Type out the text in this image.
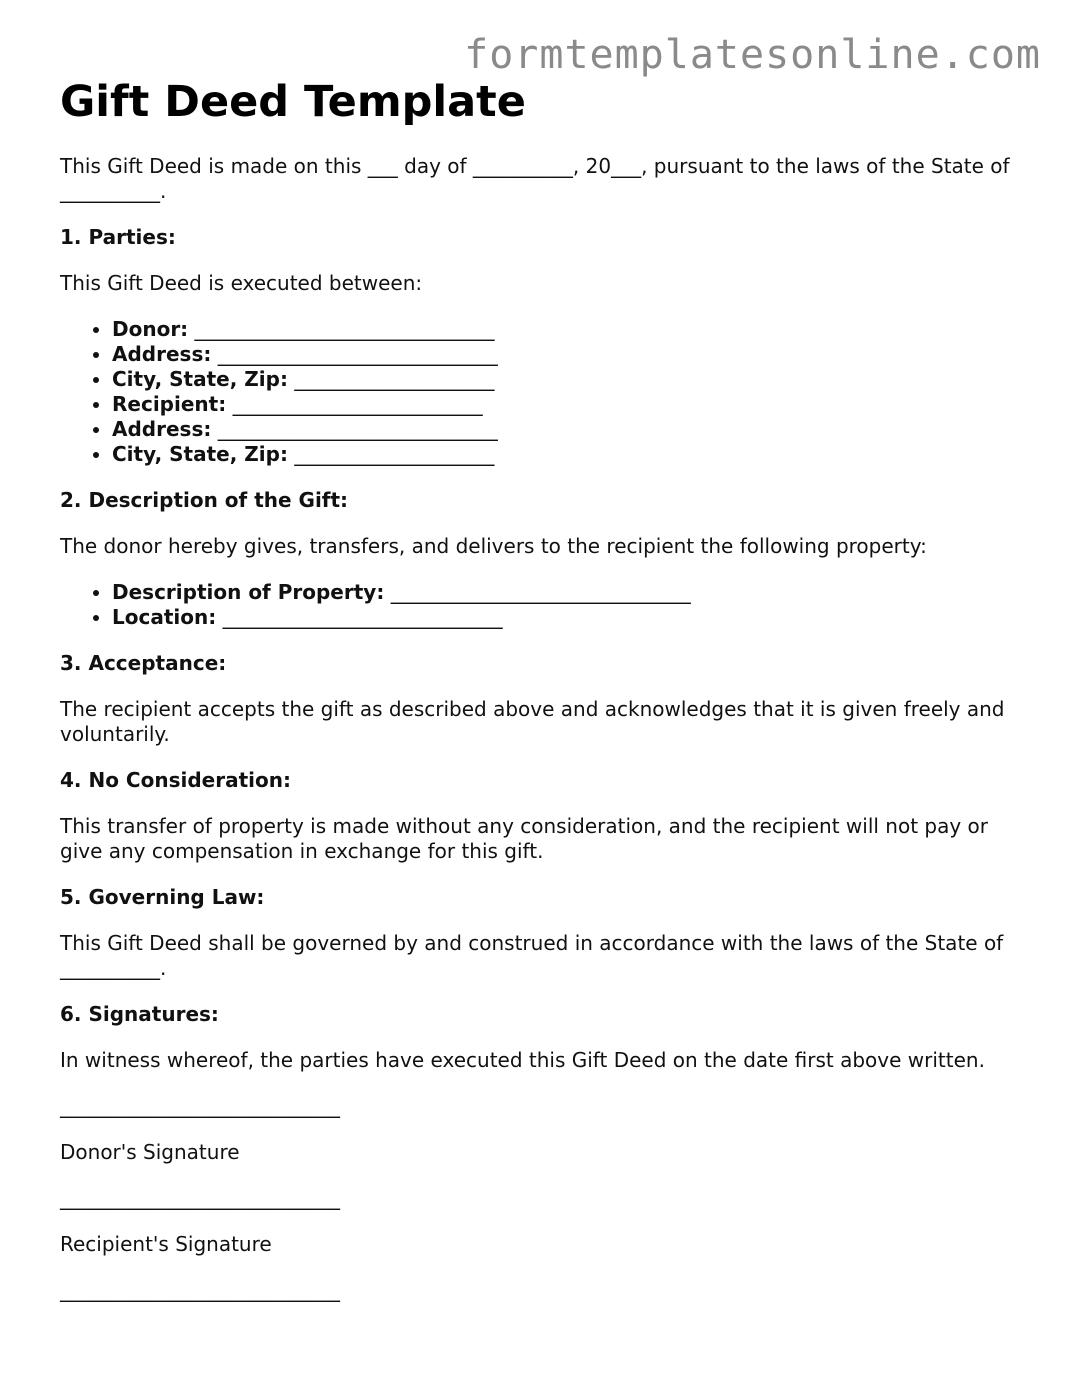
formtemplatesonline.com
Gift Deed Template

This Gift Deed is made on this ___ day of __________, 20___, pursuant to the laws of the State of __________.

1. Parties:

This Gift Deed is executed between:

• Donor: ______________________________
• Address: ____________________________
• City, State, Zip: ____________________
• Recipient: _________________________
• Address: ____________________________
• City, State, Zip: ____________________
2. Description of the Gift:

The donor hereby gives, transfers, and delivers to the recipient the following property:

• Description of Property: ______________________________
• Location: ____________________________
3. Acceptance:

The recipient accepts the gift as described above and acknowledges that it is given freely and voluntarily.

4. No Consideration:

This transfer of property is made without any consideration, and the recipient will not pay or give any compensation in exchange for this gift.

5. Governing Law:

This Gift Deed shall be governed by and construed in accordance with the laws of the State of __________.

6. Signatures:

In witness whereof, the parties have executed this Gift Deed on the date first above written.

____________________________
Donor's Signature
____________________________
Recipient's Signature
____________________________
